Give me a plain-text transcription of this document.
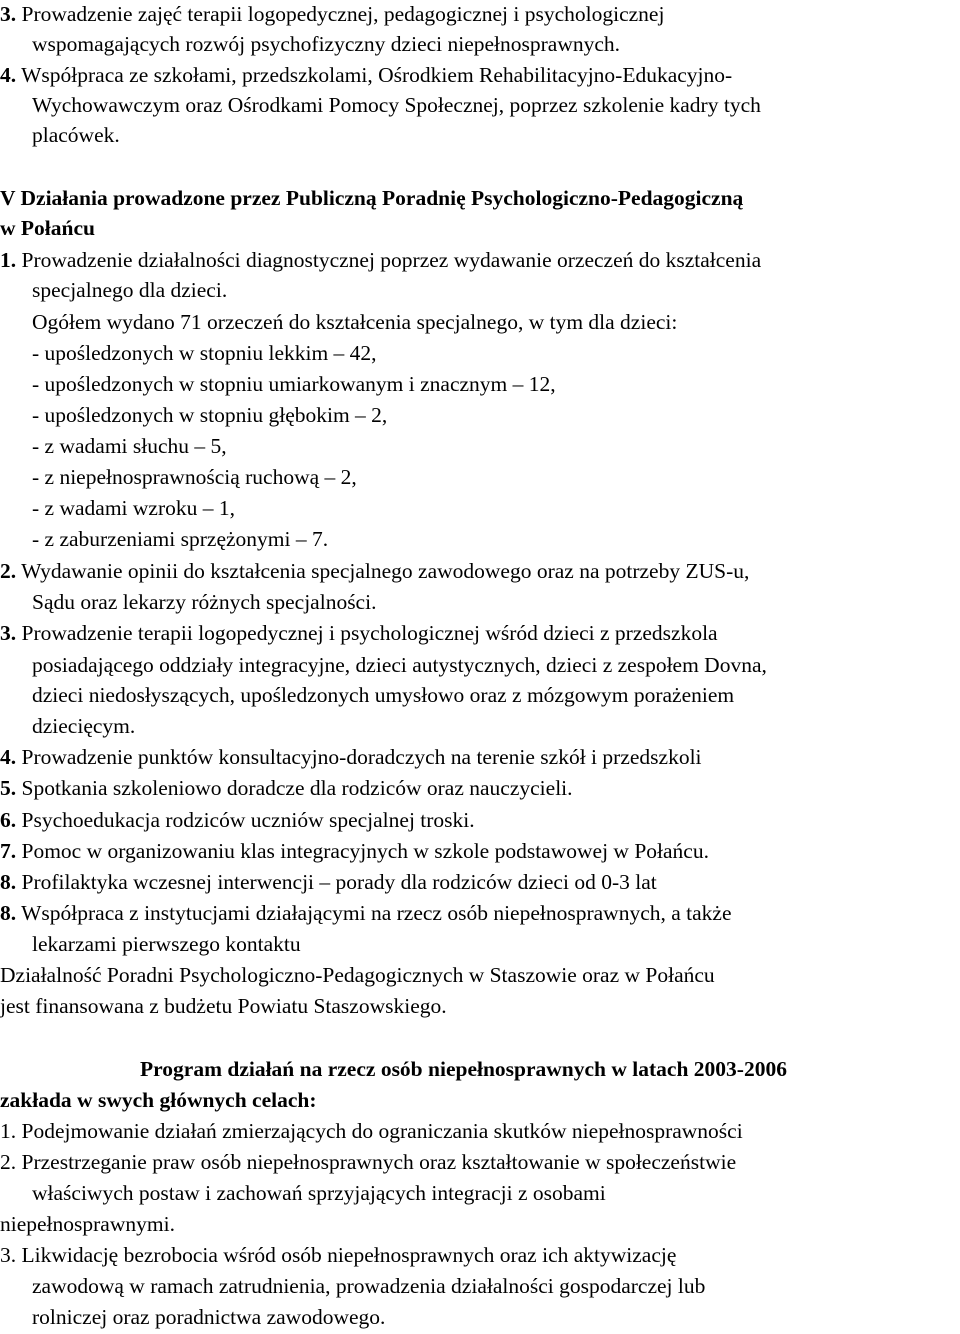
3. Prowadzenie zajęć terapii logopedycznej, pedagogicznej i psychologicznej
wspomagających rozwój psychofizyczny dzieci niepełnosprawnych.
4. Współpraca ze szkołami, przedszkolami, Ośrodkiem Rehabilitacyjno-Edukacyjno-
Wychowawczym oraz Ośrodkami Pomocy Społecznej, poprzez szkolenie kadry tych
placówek.
V Działania prowadzone przez Publiczną Poradnię Psychologiczno-Pedagogiczną
w Połańcu
1. Prowadzenie działalności diagnostycznej poprzez wydawanie orzeczeń do kształcenia
specjalnego dla dzieci.
Ogółem wydano 71 orzeczeń do kształcenia specjalnego, w tym dla dzieci:
- upośledzonych w stopniu lekkim – 42,
- upośledzonych w stopniu umiarkowanym i znacznym – 12,
- upośledzonych w stopniu głębokim – 2,
- z wadami słuchu – 5,
- z niepełnosprawnością ruchową – 2,
- z wadami wzroku – 1,
- z zaburzeniami sprzężonymi – 7.
2. Wydawanie opinii do kształcenia specjalnego zawodowego oraz na potrzeby ZUS-u,
Sądu oraz lekarzy różnych specjalności.
3. Prowadzenie terapii logopedycznej i psychologicznej wśród dzieci z przedszkola
posiadającego oddziały integracyjne, dzieci autystycznych, dzieci z zespołem Dovna,
dzieci niedosłyszących, upośledzonych umysłowo oraz z mózgowym porażeniem
dziecięcym.
4. Prowadzenie punktów konsultacyjno-doradczych na terenie szkół i przedszkoli
5. Spotkania szkoleniowo doradcze dla rodziców oraz nauczycieli.
6. Psychoedukacja rodziców uczniów specjalnej troski.
7. Pomoc w organizowaniu klas integracyjnych w szkole podstawowej w Połańcu.
8. Profilaktyka wczesnej interwencji – porady dla rodziców dzieci od 0-3 lat
8. Współpraca z instytucjami działającymi na rzecz osób niepełnosprawnych, a także
lekarzami pierwszego kontaktu
Działalność Poradni Psychologiczno-Pedagogicznych w Staszowie oraz w Połańcu
jest finansowana z budżetu Powiatu Staszowskiego.
Program działań na rzecz osób niepełnosprawnych w latach 2003-2006
zakłada w swych głównych celach:
1. Podejmowanie działań zmierzających do ograniczania skutków niepełnosprawności
2. Przestrzeganie praw osób niepełnosprawnych oraz kształtowanie w społeczeństwie
właściwych postaw i zachowań sprzyjających integracji z osobami
niepełnosprawnymi.
3. Likwidację bezrobocia wśród osób niepełnosprawnych oraz ich aktywizację
zawodową w ramach zatrudnienia, prowadzenia działalności gospodarczej lub
rolniczej oraz poradnictwa zawodowego.
